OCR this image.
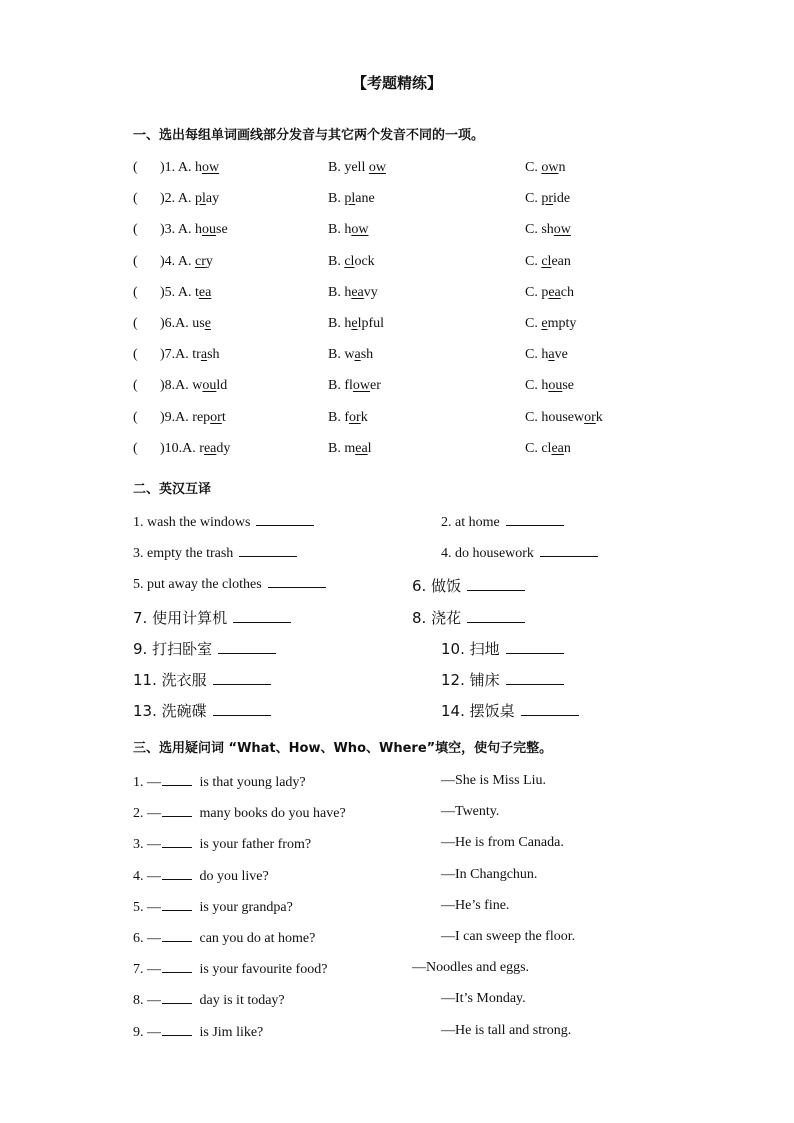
【考题精练】
一、选出每组单词画线部分发音与其它两个发音不同的一项。
( )1. A. how	B. yell ow	C. own
( )2. A. play	B. plane	C. pride
( )3. A. house	B. how	C. show
( )4. A. cry	B. clock	C. clean
( )5. A. tea	B. heavy	C. peach
( )6.A. use	B. helpful	C. empty
( )7.A. trash	B. wash	C. have
( )8.A. would	B. flower	C. house
( )9.A. report	B. fork	C. housework
( )10.A. ready	B. meal	C. clean
二、英汉互译
1. wash the windows	2. at home
3. empty the trash	4. do housework
5. put away the clothes	6. 做饭
7. 使用计算机	8. 浇花
9. 打扫卧室	10. 扫地
11. 洗衣服	12. 铺床
13. 洗碗碟	14. 摆饭桌
三、选用疑问词 “What、How、Who、Where”填空，使句子完整。
1. —	is that young lady?	—She is Miss Liu.
2. —	many books do you have?	—Twenty.
3. —	is your father from?	—He is from Canada.
4. —	do you live?	—In Changchun.
5. —	is your grandpa?	—He’s fine.
6. —	can you do at home?	—I can sweep the floor.
7. —	is your favourite food?	—Noodles and eggs.
8. —	day is it today?	—It’s Monday.
9. —	is Jim like?	—He is tall and strong.
